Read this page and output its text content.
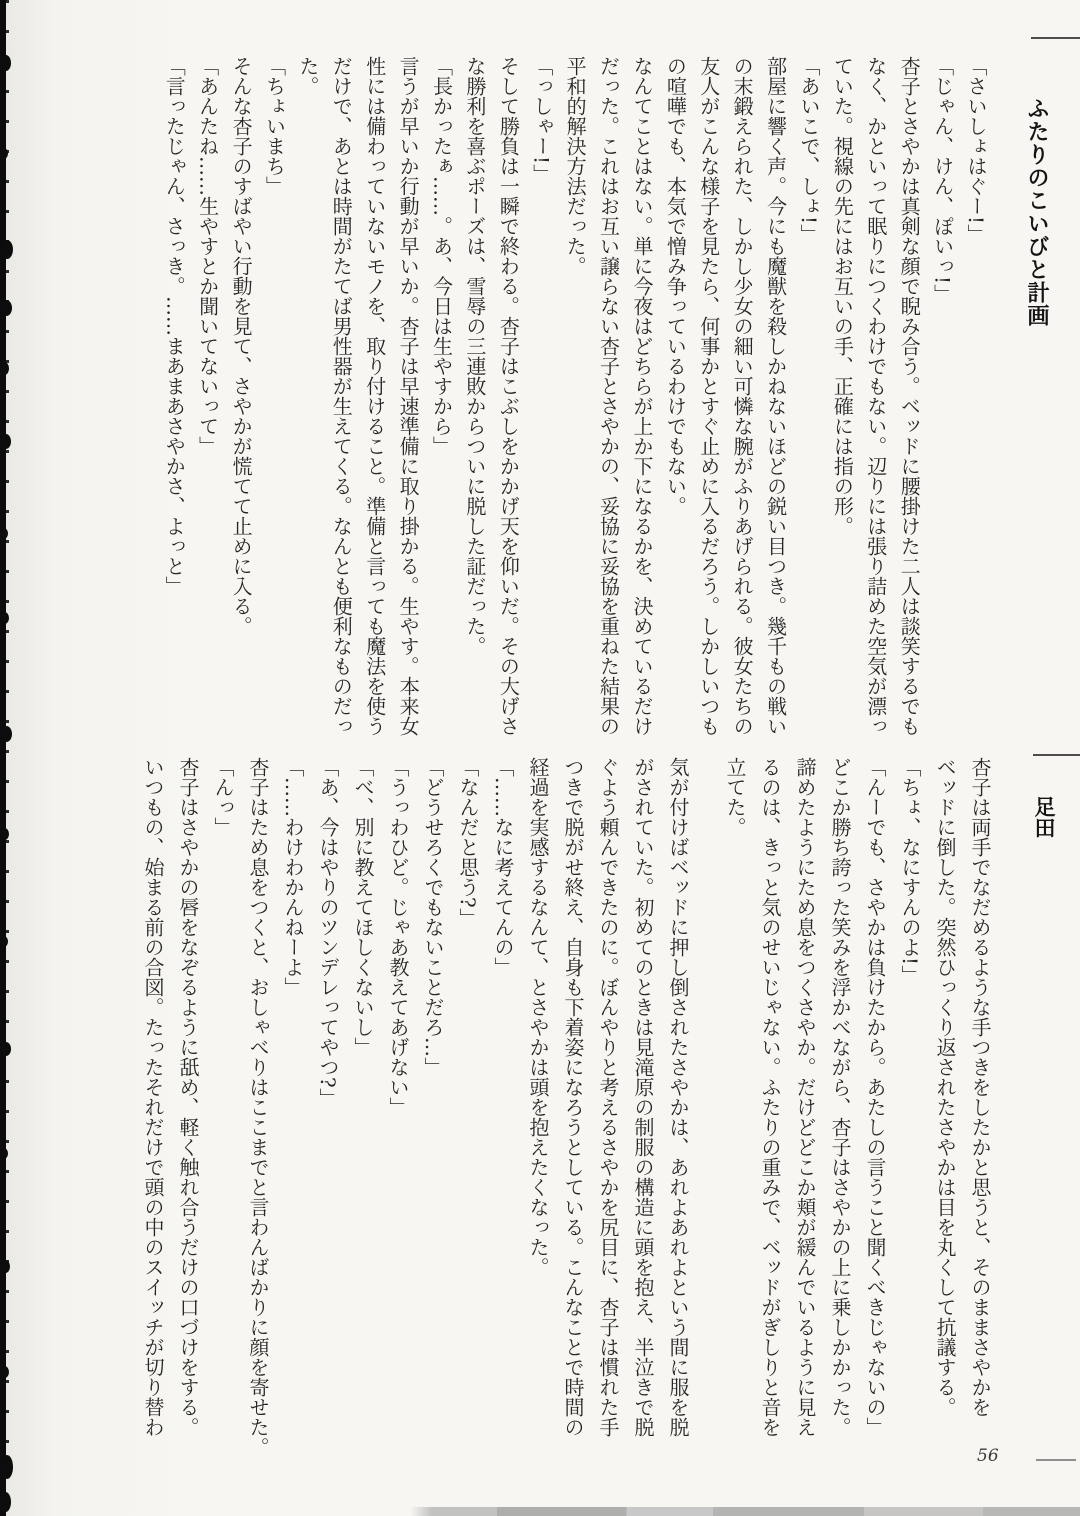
ふたりのこいびと計画
「さいしょはぐー!」
「じゃん、けん、ぽいっ!」
杏子とさやかは真剣な顔で睨み合う。ベッドに腰掛けた二人は談笑するでも
なく、かといって眠りにつくわけでもない。辺りには張り詰めた空気が漂っ
ていた。視線の先にはお互いの手、正確には指の形。
「あいこで、しょ!」
部屋に響く声。今にも魔獣を殺しかねないほどの鋭い目つき。幾千もの戦い
の末鍛えられた、しかし少女の細い可憐な腕がふりあげられる。彼女たちの
友人がこんな様子を見たら、何事かとすぐ止めに入るだろう。しかしいつも
の喧嘩でも、本気で憎み争っているわけでもない。
なんてことはない。単に今夜はどちらが上か下になるかを、決めているだけ
だった。これはお互い譲らない杏子とさやかの、妥協に妥協を重ねた結果の
平和的解決方法だった。
「っしゃー!」
そして勝負は一瞬で終わる。杏子はこぶしをかかげ天を仰いだ。その大げさ
な勝利を喜ぶポーズは、雪辱の三連敗からついに脱した証だった。
「長かったぁ……。あ、今日は生やすから」
言うが早いか行動が早いか。杏子は早速準備に取り掛かる。生やす。本来女
性には備わっていないモノを、取り付けること。準備と言っても魔法を使う
だけで、あとは時間がたてば男性器が生えてくる。なんとも便利なものだっ
た。
「ちょいまち」
そんな杏子のすばやい行動を見て、さやかが慌てて止めに入る。
「あんたね……生やすとか聞いてないって」
「言ったじゃん、さっき。……まあまあさやかさ、よっと」
足田
杏子は両手でなだめるような手つきをしたかと思うと、そのままさやかを
ベッドに倒した。突然ひっくり返されたさやかは目を丸くして抗議する。
「ちょ、なにすんのよ!」
「んーでも、さやかは負けたから。あたしの言うこと聞くべきじゃないの」
どこか勝ち誇った笑みを浮かべながら、杏子はさやかの上に乗しかかった。
諦めたようにため息をつくさやか。だけどどこか頬が緩んでいるように見え
るのは、きっと気のせいじゃない。ふたりの重みで、ベッドがぎしりと音を
立てた。
気が付けばベッドに押し倒されたさやかは、あれよあれよという間に服を脱
がされていた。初めてのときは見滝原の制服の構造に頭を抱え、半泣きで脱
ぐよう頼んできたのに。ぼんやりと考えるさやかを尻目に、杏子は慣れた手
つきで脱がせ終え、自身も下着姿になろうとしている。こんなことで時間の
経過を実感するなんて、とさやかは頭を抱えたくなった。
「……なに考えてんの」
「なんだと思う?」
「どうせろくでもないことだろ…」
「うっわひど。じゃあ教えてあげない」
「べ、別に教えてほしくないし」
「あ、今はやりのツンデレってやつ?」
「……わけわかんねーよ」
杏子はため息をつくと、おしゃべりはここまでと言わんばかりに顔を寄せた。
「んっ」
杏子はさやかの唇をなぞるように舐め、軽く触れ合うだけの口づけをする。
いつもの、始まる前の合図。たったそれだけで頭の中のスイッチが切り替わ
56
